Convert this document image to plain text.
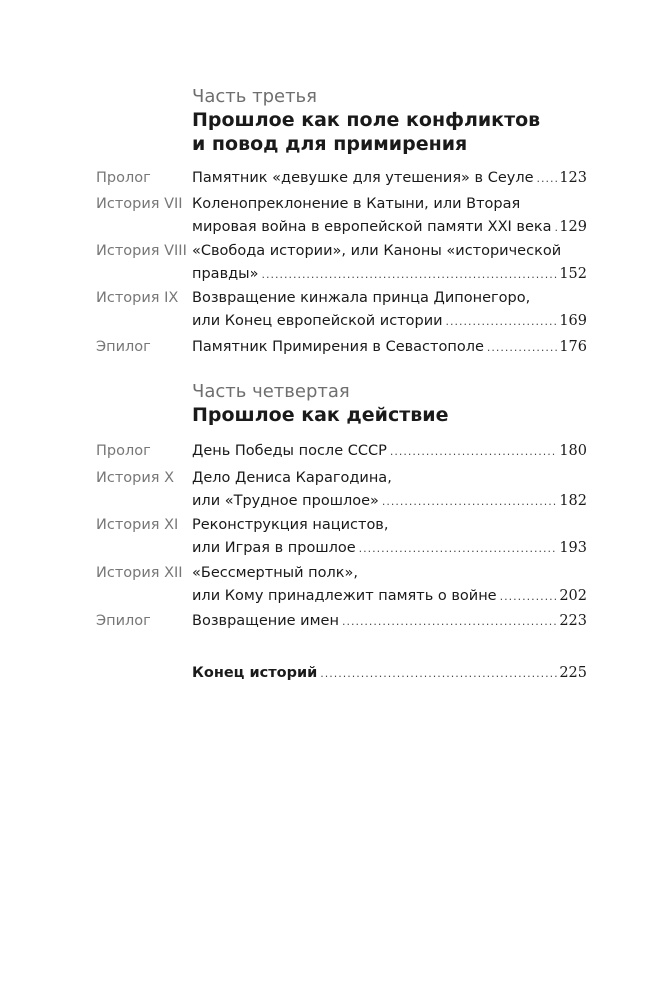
Часть третья
Прошлое как поле конфликтов
и повод для примирения
Пролог	Памятник «девушке для утешения» в Сеуле ..... 123
История VII Коленопреклонение в Катыни, или Вторая
мировая война в европейской памяти XXI века ..... 129
История VIII «Свобода истории», или Каноны «исторической
правды» .....	152
История IX Возвращение кинжала принца Дипонегоро,
или Конец европейской истории .....	169
Эпилог	Памятник Примирения в Севастополе .....	176
Часть четвертая
Прошлое как действие
Пролог	День Победы после СССР .....	180
История X Дело Дениса Карагодина,
или «Трудное прошлое» .....	182
История XI Реконструкция нацистов,
или Играя в прошлое .....	193
История XII «Бессмертный полк»,
или Кому принадлежит память о войне .....	202
Эпилог	Возвращение имен .....	223
Конец историй .....	225
